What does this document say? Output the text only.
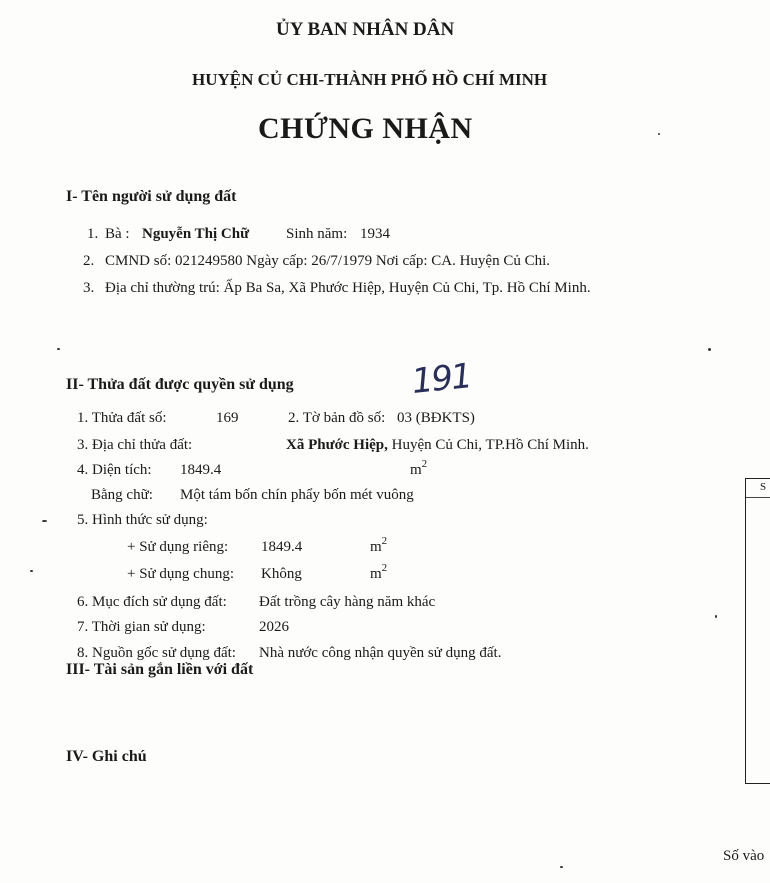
ỦY BAN NHÂN DÂN
HUYỆN CỦ CHI-THÀNH PHỐ HỒ CHÍ MINH
CHỨNG NHẬN
I- Tên người sử dụng đất
1. Bà : Nguyễn Thị Chữ Sinh năm: 1934
2. CMND số: 021249580 Ngày cấp: 26/7/1979 Nơi cấp: CA. Huyện Củ Chi.
3. Địa chỉ thường trú: Ấp Ba Sa, Xã Phước Hiệp, Huyện Củ Chi, Tp. Hồ Chí Minh.
II- Thửa đất được quyền sử dụng	191
1. Thửa đất số:	169	2. Tờ bản đồ số: 03 (BĐKTS)
3. Địa chỉ thửa đất:	Xã Phước Hiệp, Huyện Củ Chi, TP.Hồ Chí Minh.
4. Diện tích: 1849.4	$m^2$
Bằng chữ: Một tám bốn chín phẩy bốn mét vuông
5. Hình thức sử dụng:
+ Sử dụng riêng: 1849.4	$m^2$
+ Sử dụng chung: Không	$m^2$
6. Mục đích sử dụng đất: Đất trồng cây hàng năm khác
7. Thời gian sử dụng:	2026
8. Nguồn gốc sử dụng đất: Nhà nước công nhận quyền sử dụng đất.
III- Tài sản gắn liền với đất
IV- Ghi chú
S
Số vào
